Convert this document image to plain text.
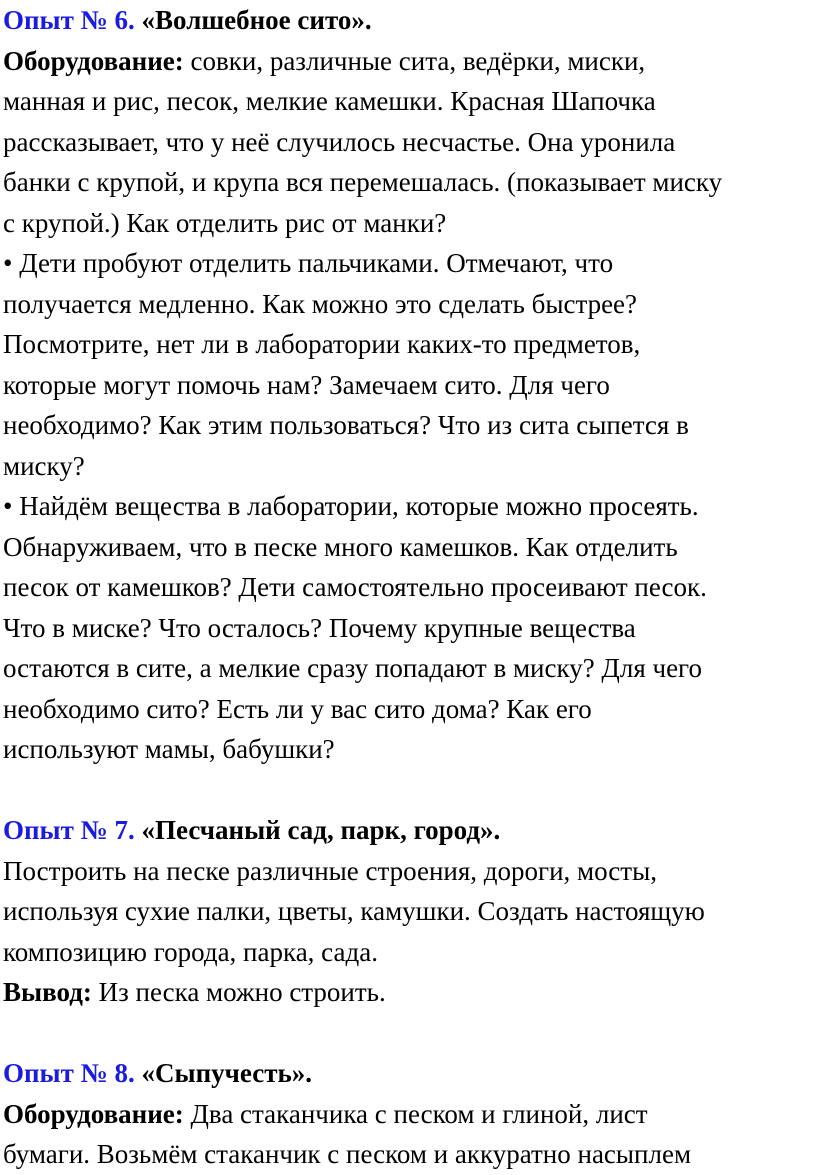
Опыт № 6. «Волшебное сито».
Оборудование: совки, различные сита, ведёрки, миски,
манная и рис, песок, мелкие камешки. Красная Шапочка
рассказывает, что у неё случилось несчастье. Она уронила
банки с крупой, и крупа вся перемешалась. (показывает миску
с крупой.) Как отделить рис от манки?
• Дети пробуют отделить пальчиками. Отмечают, что
получается медленно. Как можно это сделать быстрее?
Посмотрите, нет ли в лаборатории каких-то предметов,
которые могут помочь нам? Замечаем сито. Для чего
необходимо? Как этим пользоваться? Что из сита сыпется в
миску?
• Найдём вещества в лаборатории, которые можно просеять.
Обнаруживаем, что в песке много камешков. Как отделить
песок от камешков? Дети самостоятельно просеивают песок.
Что в миске? Что осталось? Почему крупные вещества
остаются в сите, а мелкие сразу попадают в миску? Для чего
необходимо сито? Есть ли у вас сито дома? Как его
используют мамы, бабушки?
Опыт № 7. «Песчаный сад, парк, город».
Построить на песке различные строения, дороги, мосты,
используя сухие палки, цветы, камушки. Создать настоящую
композицию города, парка, сада.
Вывод: Из песка можно строить.
Опыт № 8. «Сыпучесть».
Оборудование: Два стаканчика с песком и глиной, лист
бумаги. Возьмём стаканчик с песком и аккуратно насыплем
